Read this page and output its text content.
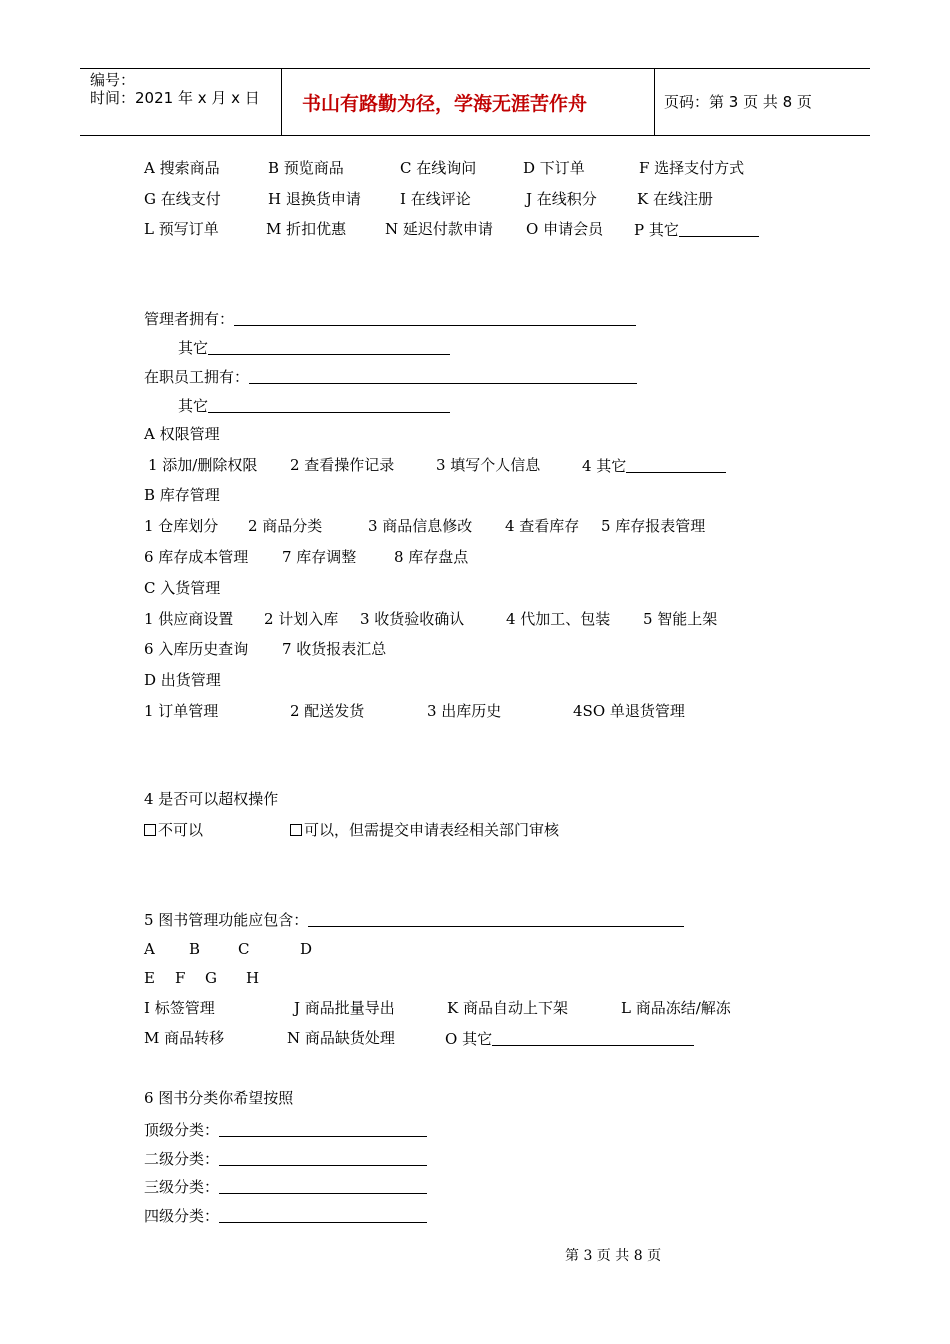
编号：
时间：2021 年 x 月 x 日 书山有路勤为径，学海无涯苦作舟	页码：第 3 页 共 8 页
A 搜索商品	B 预览商品	C 在线询问	D 下订单	F 选择支付方式
G 在线支付	H 退换货申请	I 在线评论	J 在线积分	K 在线注册
L 预写订单	M 折扣优惠	N 延迟付款申请 O 申请会员 P 其它
管理者拥有：
其它
在职员工拥有：
其它
A 权限管理
1 添加/删除权限 2 查看操作记录	3 填写个人信息	4 其它
B 库存管理
1 仓库划分 2 商品分类	3 商品信息修改 4 查看库存 5 库存报表管理
6 库存成本管理 7 库存调整	8 库存盘点
C 入货管理
1 供应商设置 2 计划入库 3 收货验收确认	4 代加工、包装 5 智能上架
6 入库历史查询 7 收货报表汇总
D 出货管理
1 订单管理	2 配送发货	3 出库历史	4SO 单退货管理
4 是否可以超权操作
不可以	可以，但需提交申请表经相关部门审核
5 图书管理功能应包含：
A B	C	D
E F G H
I 标签管理	J 商品批量导出	K 商品自动上下架	L 商品冻结/解冻
M 商品转移	N 商品缺货处理	O 其它
6 图书分类你希望按照
顶级分类：
二级分类：
三级分类：
四级分类：
第 3 页 共 8 页
